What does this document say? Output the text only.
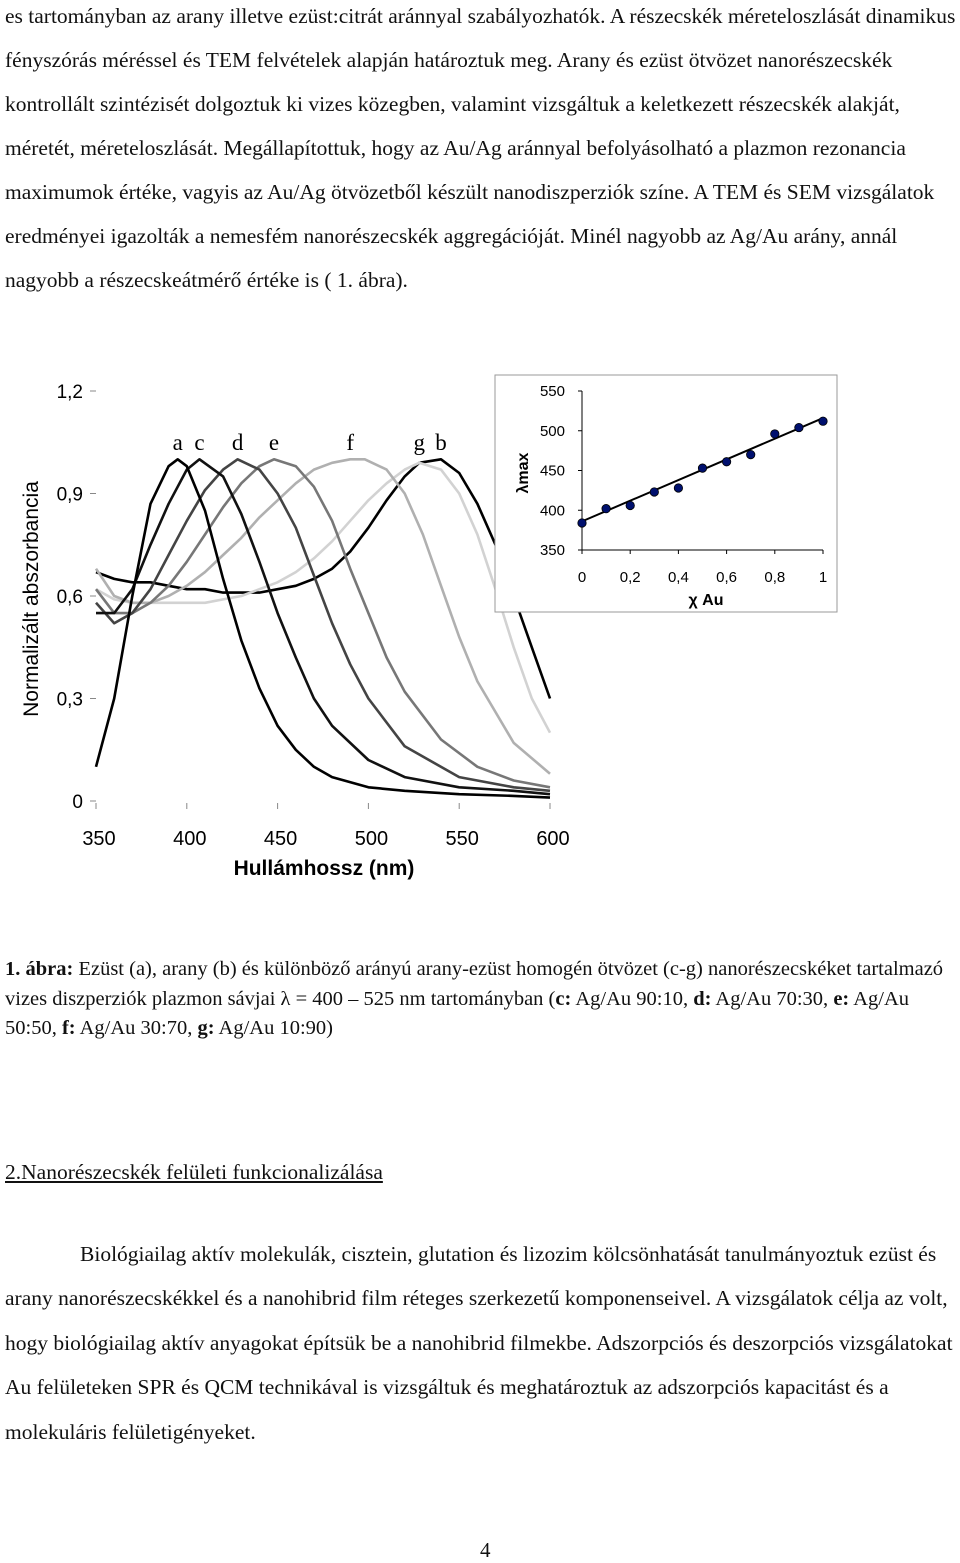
es tartományban az arany illetve ezüst:citrát aránnyal szabályozhatók. A részecskék méreteloszlását dinamikus fényszórás méréssel és TEM felvételek alapján határoztuk meg. Arany és ezüst ötvözet nanorészecskék kontrollált szintézisét dolgoztuk ki vizes közegben, valamint vizsgáltuk a keletkezett részecskék alakját, méretét, méreteloszlását. Megállapítottuk, hogy az Au/Ag aránnyal befolyásolható a plazmon rezonancia maximumok értéke, vagyis az Au/Ag ötvözetből készült nanodiszperziók színe. A TEM és SEM vizsgálatok eredményei igazolták a nemesfém nanorészecskék aggregációját. Minél nagyobb az Ag/Au arány, annál nagyobb a részecskeátmérő értéke is ( 1. ábra).

0
0,3
0,6
0,9
1,2
350	400	450	500	550	600
a c d e	f	g b
Normalizált abszorbancia
Hullámhossz (nm)
350
400
450
500
550
0 0,2 0,4 0,6 0,8 1
λmax
χ Au

1. ábra: Ezüst (a), arany (b) és különböző arányú arany-ezüst homogén ötvözet (c-g) nanorészecskéket tartalmazó vizes diszperziók plazmon sávjai λ = 400 – 525 nm tartományban (c: Ag/Au 90:10, d: Ag/Au 70:30, e: Ag/Au 50:50, f: Ag/Au 30:70, g: Ag/Au 10:90)

2.Nanorészecskék felületi funkcionalizálása

Biológiailag aktív molekulák, cisztein, glutation és lizozim kölcsönhatását tanulmányoztuk ezüst és arany nanorészecskékkel és a nanohibrid film réteges szerkezetű komponenseivel. A vizsgálatok célja az volt, hogy biológiailag aktív anyagokat építsük be a nanohibrid filmekbe. Adszorpciós és deszorpciós vizsgálatokat Au felületeken SPR és QCM technikával is vizsgáltuk és meghatároztuk az adszorpciós kapacitást és a molekuláris felületigényeket.

4
